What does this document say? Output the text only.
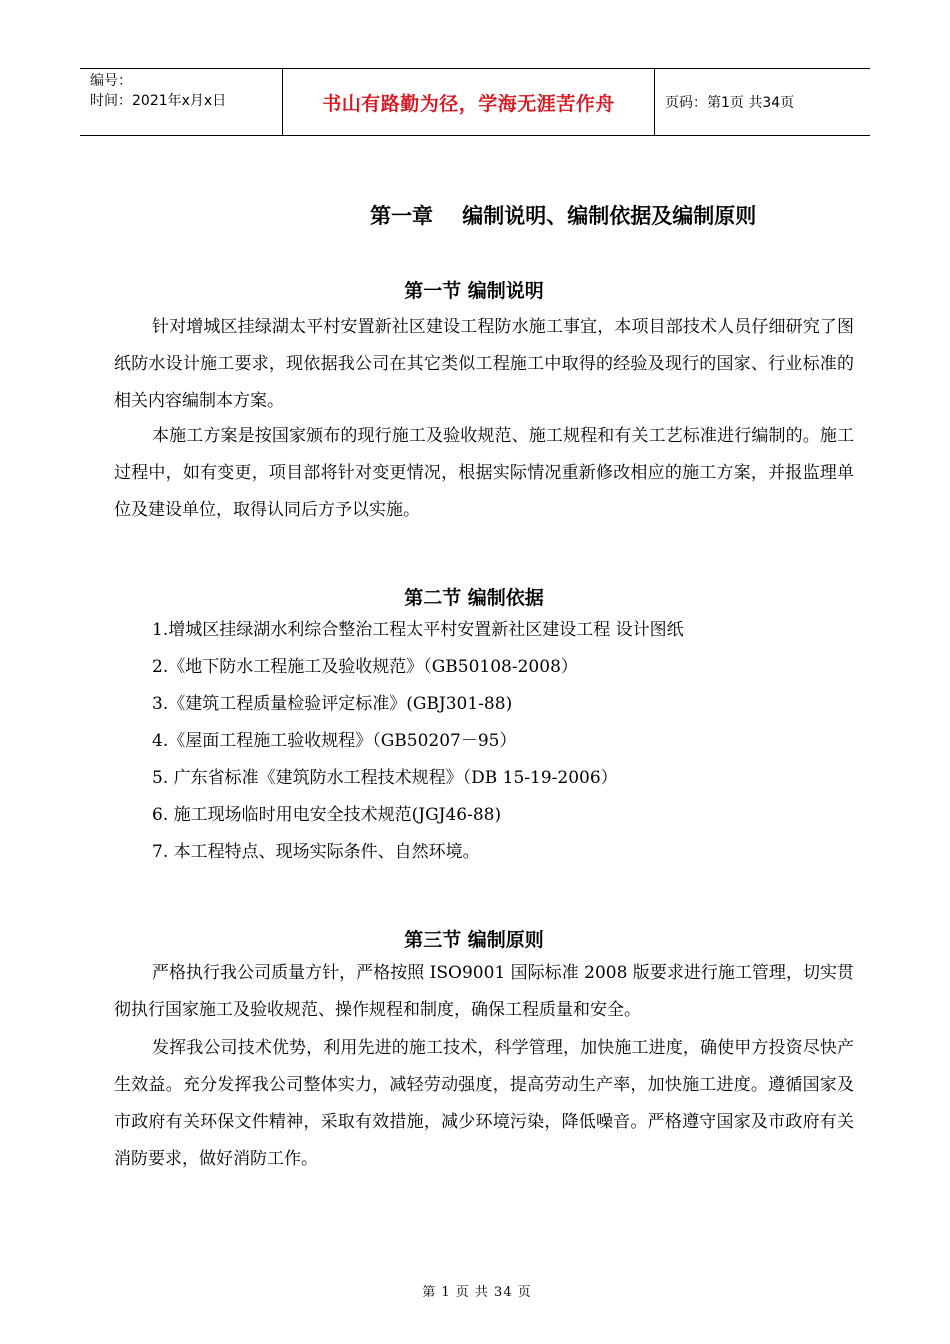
编号：
时间：2021年x月x日	书山有路勤为径，学海无涯苦作舟	页码：第1页 共34页
第一章    编制说明、编制依据及编制原则
第一节 编制说明

针对增城区挂绿湖太平村安置新社区建设工程防水施工事宜，本项目部技术人员仔细研究了图纸防水设计施工要求，现依据我公司在其它类似工程施工中取得的经验及现行的国家、行业标准的相关内容编制本方案。

本施工方案是按国家颁布的现行施工及验收规范、施工规程和有关工艺标准进行编制的。施工过程中，如有变更，项目部将针对变更情况，根据实际情况重新修改相应的施工方案，并报监理单位及建设单位，取得认同后方予以实施。

第二节 编制依据
1.增城区挂绿湖水利综合整治工程太平村安置新社区建设工程 设计图纸
2.《地下防水工程施工及验收规范》（GB50108-2008）
3.《建筑工程质量检验评定标准》(GBJ301-88)
4.《屋面工程施工验收规程》（GB50207－95）
5. 广东省标准《建筑防水工程技术规程》（DB 15-19-2006）
6. 施工现场临时用电安全技术规范(JGJ46-88)
7. 本工程特点、现场实际条件、自然环境。
第三节 编制原则

严格执行我公司质量方针，严格按照 ISO9001 国际标准 2008 版要求进行施工管理，切实贯彻执行国家施工及验收规范、操作规程和制度，确保工程质量和安全。

发挥我公司技术优势，利用先进的施工技术，科学管理，加快施工进度，确使甲方投资尽快产生效益。充分发挥我公司整体实力，减轻劳动强度，提高劳动生产率，加快施工进度。遵循国家及市政府有关环保文件精神，采取有效措施，减少环境污染，降低噪音。严格遵守国家及市政府有关消防要求，做好消防工作。

第 1 页 共 34 页
